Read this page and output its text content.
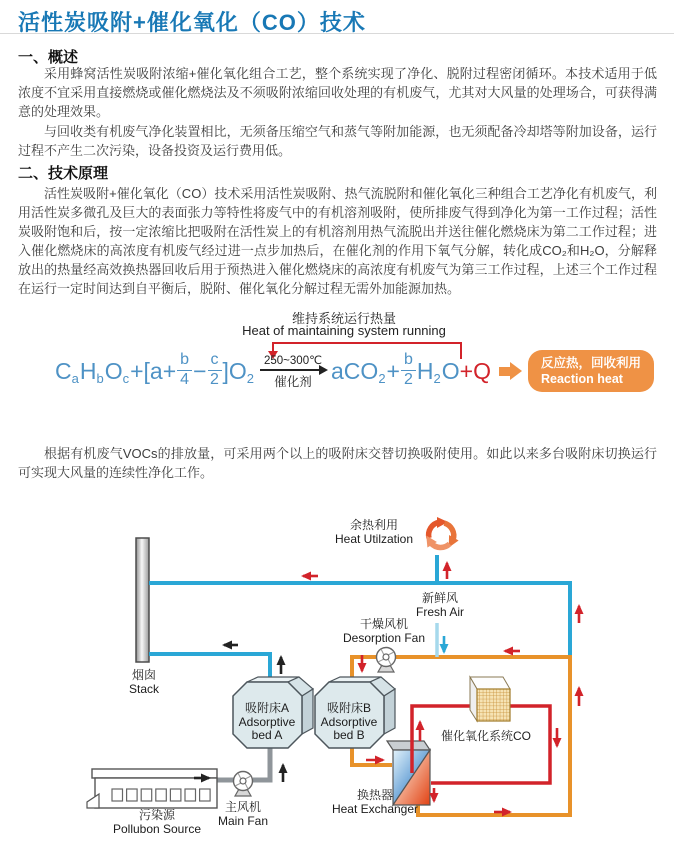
活性炭吸附+催化氧化（CO）技术
一、概述
采用蜂窝活性炭吸附浓缩+催化氧化组合工艺，整个系统实现了净化、脱附过程密闭循环。本技术适用于低浓度不宜采用直接燃烧或催化燃烧法及不须吸附浓缩回收处理的有机废气，尤其对大风量的处理场合，可获得满意的处理效果。
与回收类有机废气净化装置相比，无须备压缩空气和蒸气等附加能源，也无须配备冷却塔等附加设备，运行过程不产生二次污染，设备投资及运行费用低。
二、技术原理
活性炭吸附+催化氧化（CO）技术采用活性炭吸附、热气流脱附和催化氧化三种组合工艺净化有机废气，利用活性炭多微孔及巨大的表面张力等特性将废气中的有机溶剂吸附，使所排废气得到净化为第一工作过程；活性炭吸附饱和后，按一定浓缩比把吸附在活性炭上的有机溶剂用热气流脱出并送往催化燃烧床为第二工作过程；进入催化燃烧床的高浓度有机废气经过进一点步加热后，在催化剂的作用下氧气分解，转化成CO₂和H₂O，分解释放出的热量经高效换热器回收后用于预热进入催化燃烧床的高浓度有机废气为第三工作过程，上述三个工作过程在运行一定时间达到自平衡后，脱附、催化氧化分解过程无需外加能源加热。
维持系统运行热量
Heat of maintaining system running
C a H b O $c +[a+ \frac{b}{4} - \frac{c}{2} ]O$ 2
250~300℃
催化剂 aCO $2 + \frac{b}{2}$ H 2 O +Q	反应热，回收利用
Reaction heat
根据有机废气VOCs的排放量，可采用两个以上的吸附床交替切换吸附使用。如此以来多台吸附床切换运行可实现大风量的连续性净化工作。
余热利用
Heat Utilzation
新鲜风
Fresh Air
干燥风机
Desorption Fan
烟囱
Stack
吸附床A
Adsorptive
bed A
吸附床B
Adsorptive
bed B	催化氧化系统CO
换热器
Heat Exchanger
主风机
Main Fan
污染源
Pollubon Source
